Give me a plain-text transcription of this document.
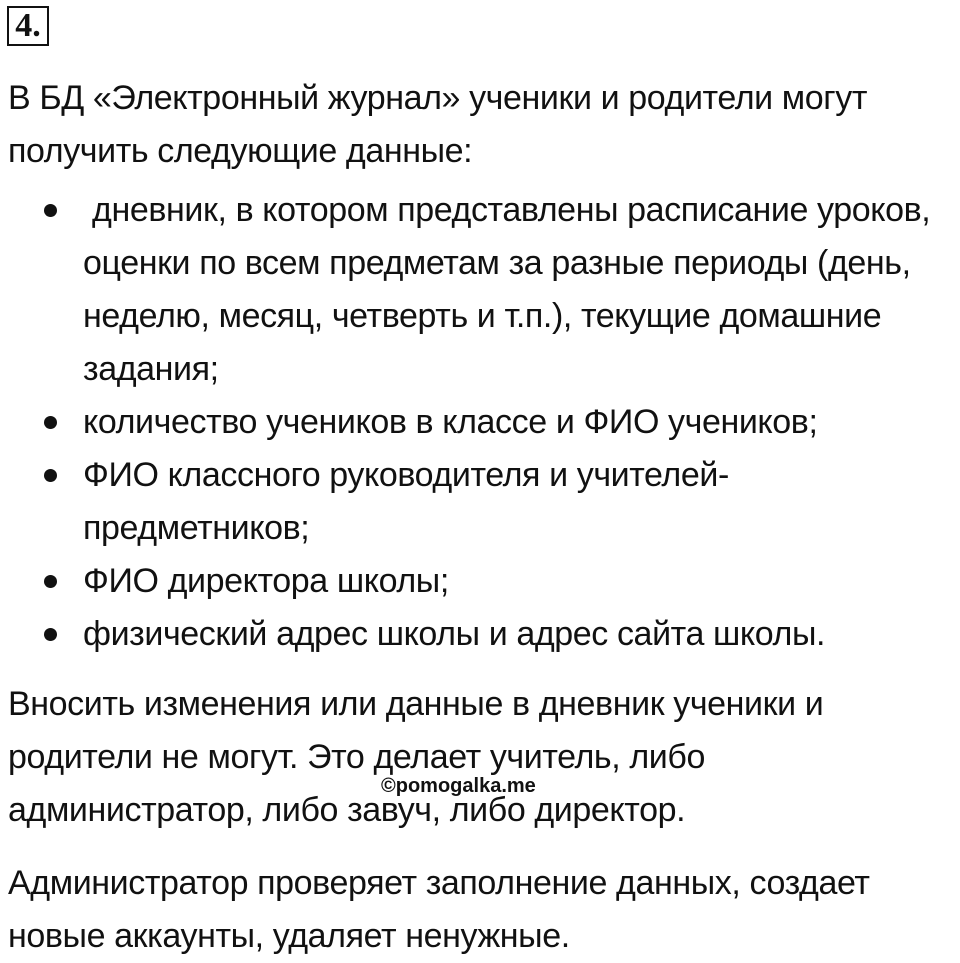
4.
В БД «Электронный журнал» ученики и родители могут
получить следующие данные:
дневник, в котором представлены расписание уроков,
оценки по всем предметам за разные периоды (день,
неделю, месяц, четверть и т.п.), текущие домашние
задания;
количество учеников в классе и ФИО учеников;
ФИО классного руководителя и учителей-
предметников;
ФИО директора школы;
физический адрес школы и адрес сайта школы.
Вносить изменения или данные в дневник ученики и
родители не могут. Это делает учитель, либо
администратор, либо завуч, либо директор.
©pomogalka.me
Администратор проверяет заполнение данных, создает
новые аккаунты, удаляет ненужные.
